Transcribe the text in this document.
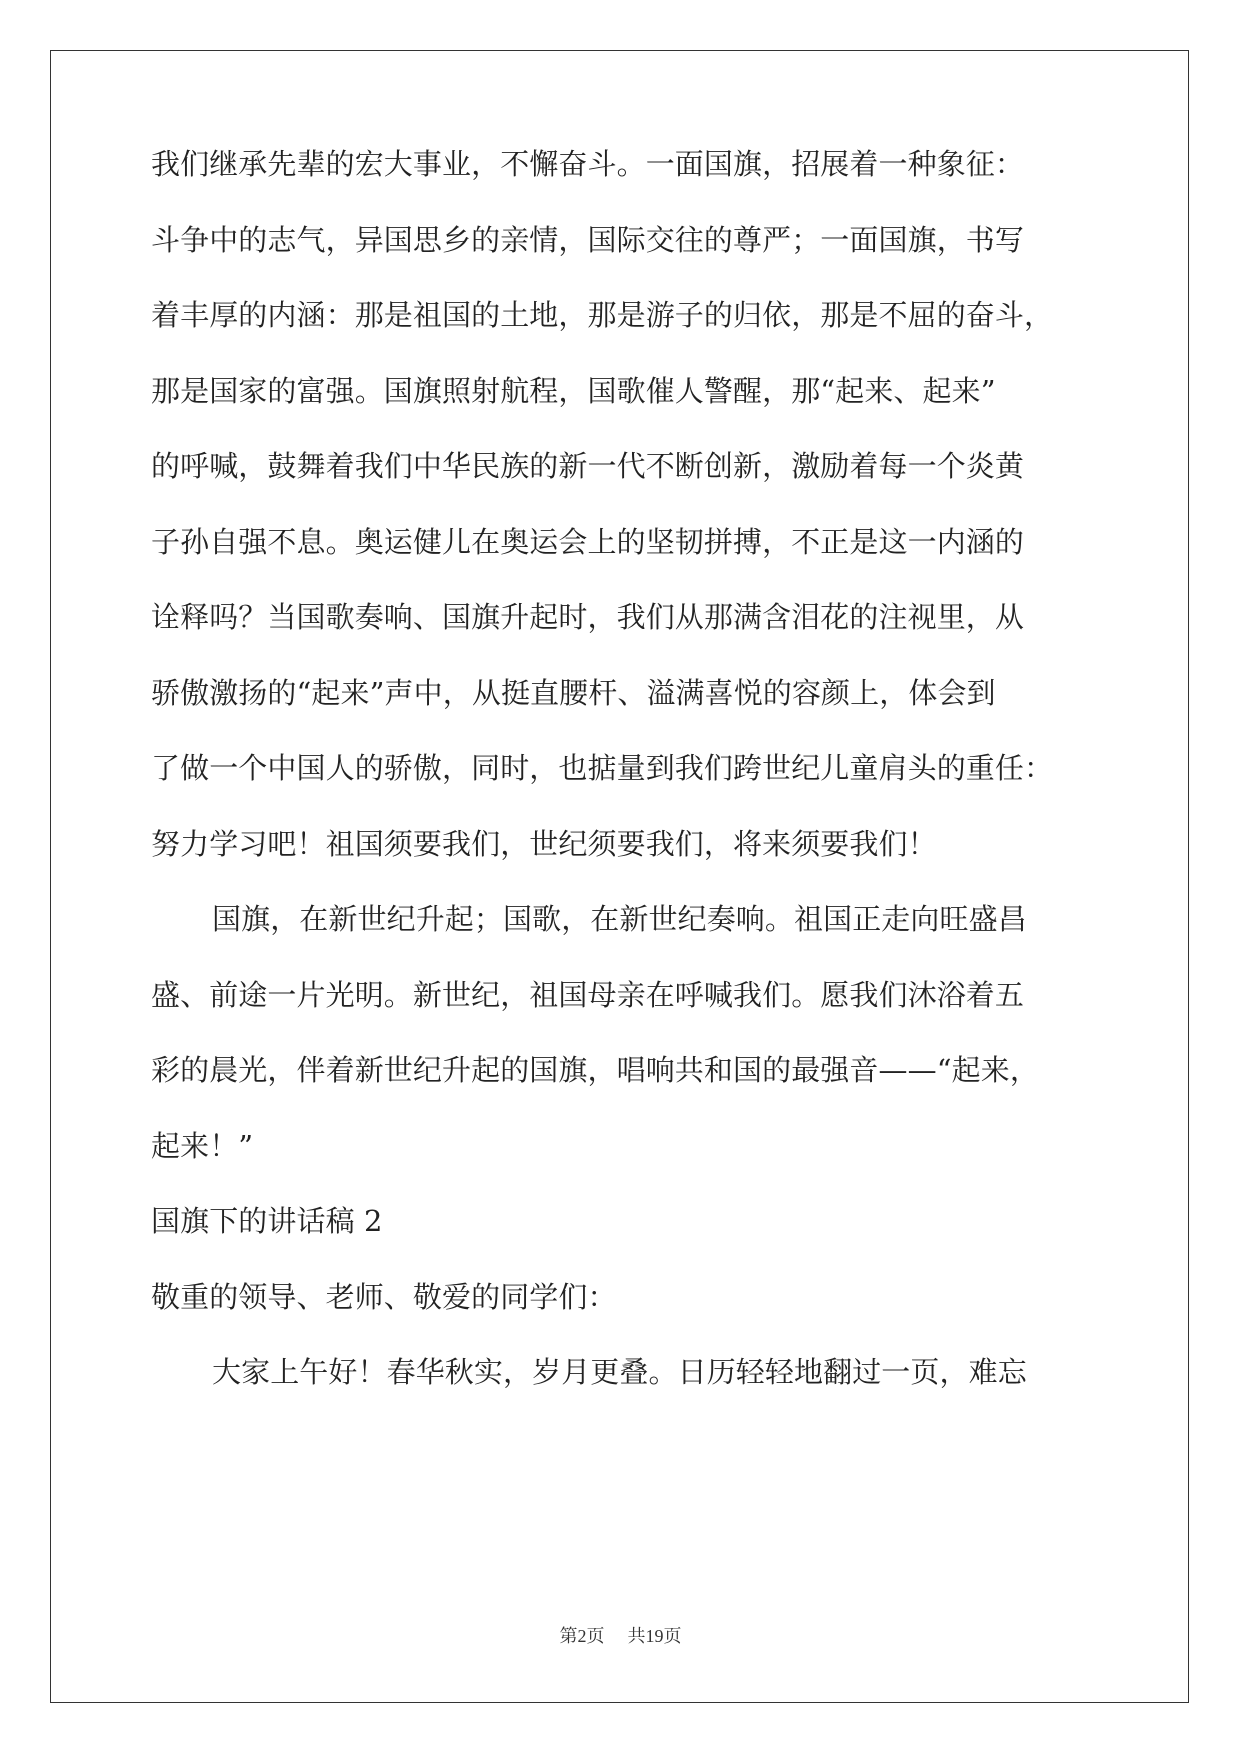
我们继承先辈的宏大事业，不懈奋斗。一面国旗，招展着一种象征：
斗争中的志气，异国思乡的亲情，国际交往的尊严；一面国旗，书写
着丰厚的内涵：那是祖国的土地，那是游子的归依，那是不屈的奋斗，
那是国家的富强。国旗照射航程，国歌催人警醒，那“起来、起来”
的呼喊，鼓舞着我们中华民族的新一代不断创新，激励着每一个炎黄
子孙自强不息。奥运健儿在奥运会上的坚韧拼搏，不正是这一内涵的
诠释吗？当国歌奏响、国旗升起时，我们从那满含泪花的注视里，从
骄傲激扬的“起来”声中，从挺直腰杆、溢满喜悦的容颜上，体会到
了做一个中国人的骄傲，同时，也掂量到我们跨世纪儿童肩头的重任：
努力学习吧！祖国须要我们，世纪须要我们，将来须要我们！
国旗，在新世纪升起；国歌，在新世纪奏响。祖国正走向旺盛昌
盛、前途一片光明。新世纪，祖国母亲在呼喊我们。愿我们沐浴着五
彩的晨光，伴着新世纪升起的国旗，唱响共和国的最强音——“起来，
起来！”
国旗下的讲话稿 2
敬重的领导、老师、敬爱的同学们：
大家上午好！春华秋实，岁月更叠。日历轻轻地翻过一页，难忘
第2页 共19页
